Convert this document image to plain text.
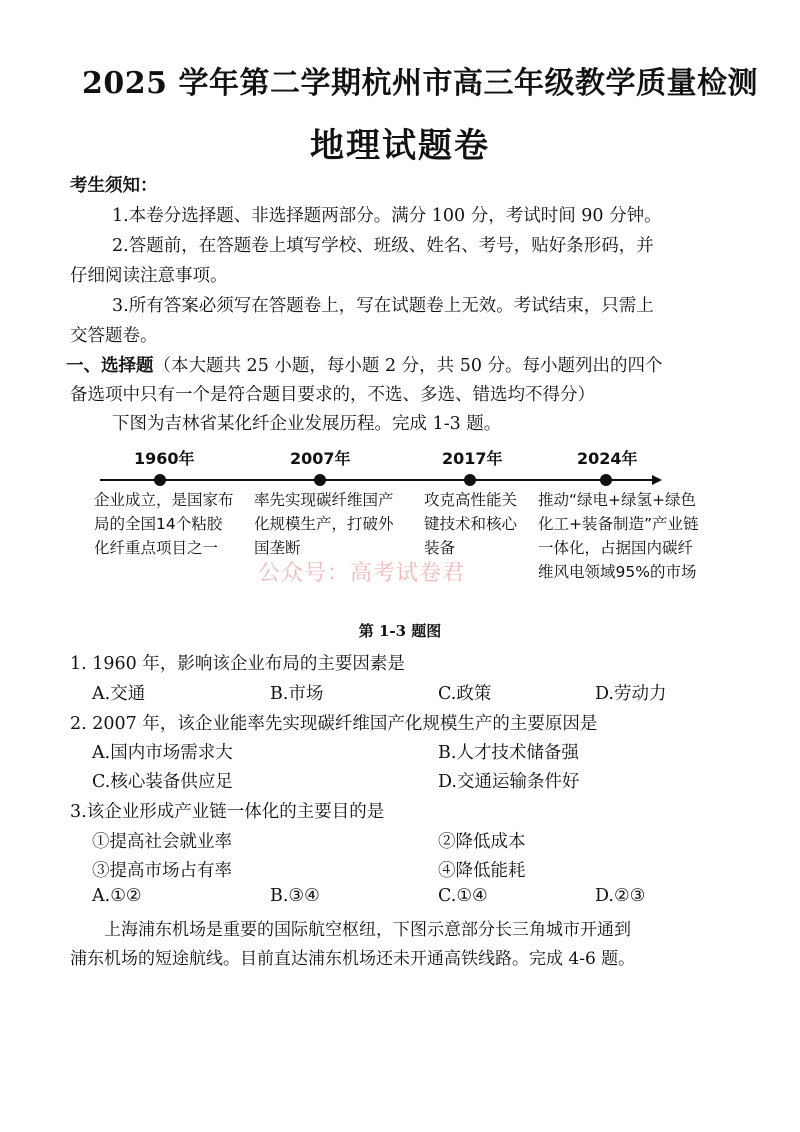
2025 学年第二学期杭州市高三年级教学质量检测
地理试题卷
考生须知：
1.本卷分选择题、非选择题两部分。满分 100 分，考试时间 90 分钟。
2.答题前，在答题卷上填写学校、班级、姓名、考号，贴好条形码，并
仔细阅读注意事项。
3.所有答案必须写在答题卷上，写在试题卷上无效。考试结束，只需上
交答题卷。
一、选择题（本大题共 25 小题，每小题 2 分，共 50 分。每小题列出的四个
备选项中只有一个是符合题目要求的，不选、多选、错选均不得分）
下图为吉林省某化纤企业发展历程。完成 1-3 题。
1960年	2007年	2017年	2024年
企业成立，是国家布局的全国14个粘胶化纤重点项目之一
率先实现碳纤维国产化规模生产，打破外国垄断
攻克高性能关键技术和核心装备
推动“绿电+绿氢+绿色化工+装备制造”产业链一体化，占据国内碳纤维风电领域95%的市场
公众号：高考试卷君
第 1-3 题图
1. 1960 年，影响该企业布局的主要因素是
A.交通	B.市场	C.政策	D.劳动力
2. 2007 年，该企业能率先实现碳纤维国产化规模生产的主要原因是
A.国内市场需求大	B.人才技术储备强
C.核心装备供应足	D.交通运输条件好
3.该企业形成产业链一体化的主要目的是
①提高社会就业率	②降低成本
③提高市场占有率	④降低能耗
A.①②	B.③④	C.①④	D.②③
上海浦东机场是重要的国际航空枢纽，下图示意部分长三角城市开通到
浦东机场的短途航线。目前直达浦东机场还未开通高铁线路。完成 4-6 题。
